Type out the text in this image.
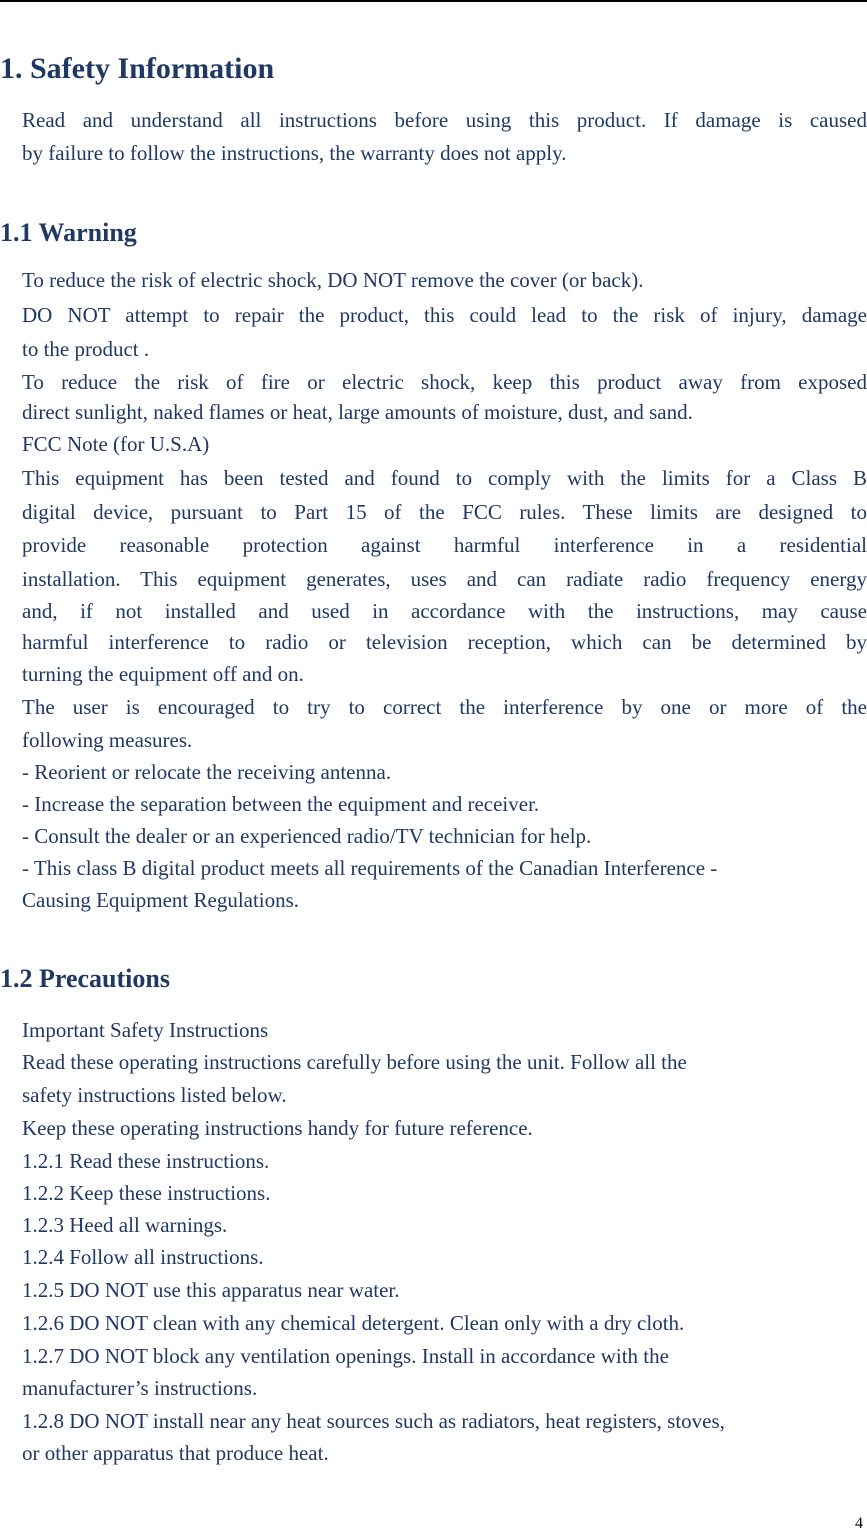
1. Safety Information
Read and understand all instructions before using this product. If damage is caused
by failure to follow the instructions, the warranty does not apply.
1.1 Warning
To reduce the risk of electric shock, DO NOT remove the cover (or back).
DO NOT attempt to repair the product, this could lead to the risk of injury, damage
to the product .
To reduce the risk of fire or electric shock, keep this product away from exposed
direct sunlight, naked flames or heat, large amounts of moisture, dust, and sand.
FCC Note (for U.S.A)
This equipment has been tested and found to comply with the limits for a Class B
digital device, pursuant to Part 15 of the FCC rules. These limits are designed to
provide reasonable protection against harmful interference in a residential
installation. This equipment generates, uses and can radiate radio frequency energy
and, if not installed and used in accordance with the instructions, may cause
harmful interference to radio or television reception, which can be determined by
turning the equipment off and on.
The user is encouraged to try to correct the interference by one or more of the
following measures.
- Reorient or relocate the receiving antenna.
- Increase the separation between the equipment and receiver.
- Consult the dealer or an experienced radio/TV technician for help.
- This class B digital product meets all requirements of the Canadian Interference -
Causing Equipment Regulations.
1.2 Precautions
Important Safety Instructions
Read these operating instructions carefully before using the unit. Follow all the
safety instructions listed below.
Keep these operating instructions handy for future reference.
1.2.1 Read these instructions.
1.2.2 Keep these instructions.
1.2.3 Heed all warnings.
1.2.4 Follow all instructions.
1.2.5 DO NOT use this apparatus near water.
1.2.6 DO NOT clean with any chemical detergent. Clean only with a dry cloth.
1.2.7 DO NOT block any ventilation openings. Install in accordance with the
manufacturer’s instructions.
1.2.8 DO NOT install near any heat sources such as radiators, heat registers, stoves,
or other apparatus that produce heat.
4
